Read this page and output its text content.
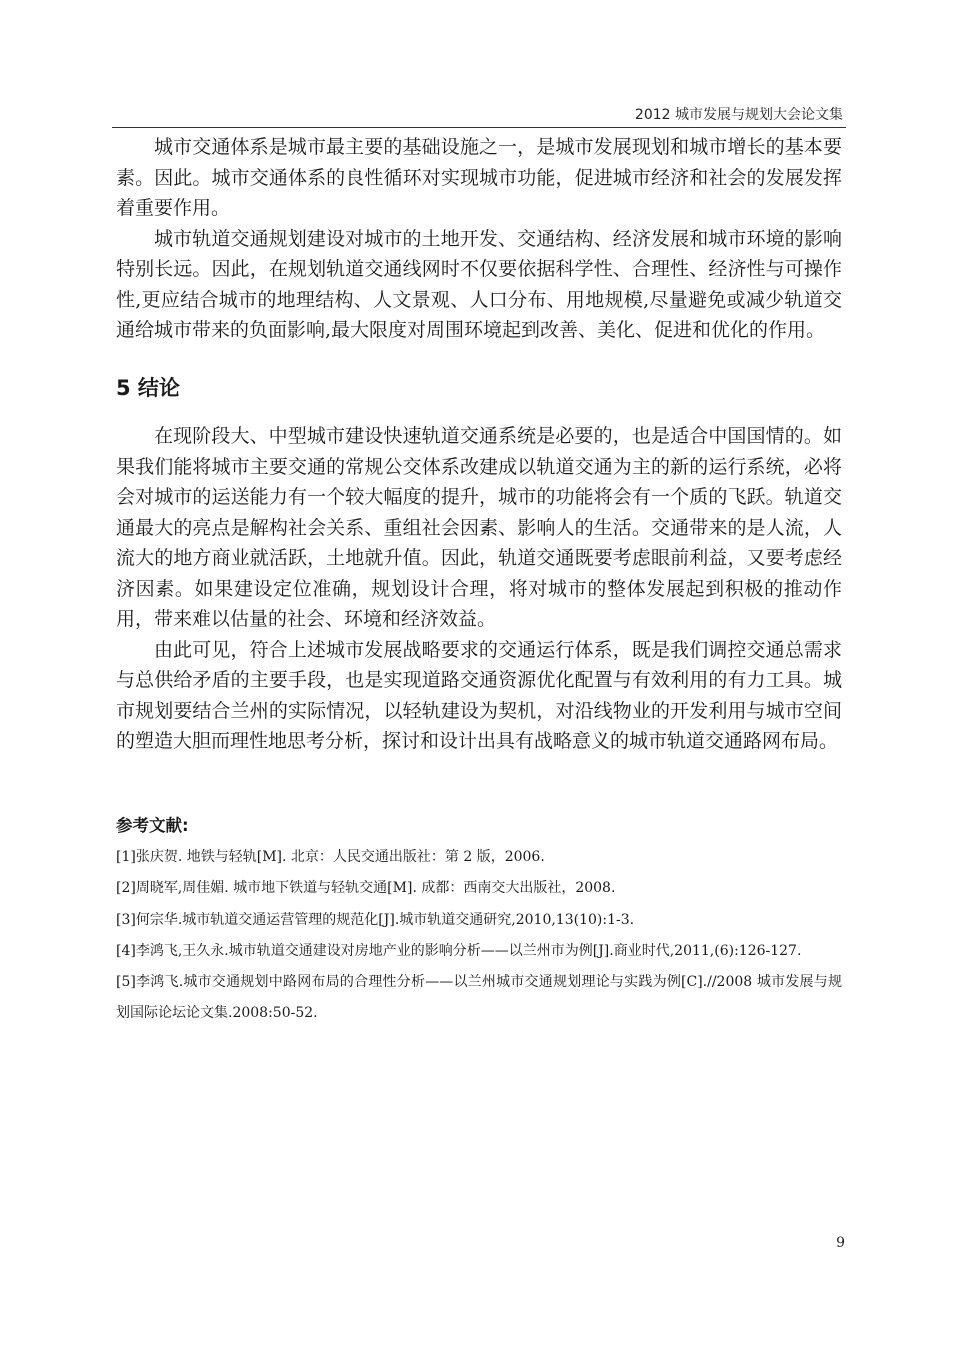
2012 城市发展与规划大会论文集

城市交通体系是城市最主要的基础设施之一，是城市发展现划和城市增长的基本要素。因此。城市交通体系的良性循环对实现城市功能，促进城市经济和社会的发展发挥着重要作用。

城市轨道交通规划建设对城市的土地开发、交通结构、经济发展和城市环境的影响特别长远。因此，在规划轨道交通线网时不仅要依据科学性、合理性、经济性与可操作性,更应结合城市的地理结构、人文景观、人口分布、用地规模,尽量避免或减少轨道交通给城市带来的负面影响,最大限度对周围环境起到改善、美化、促进和优化的作用。

5 结论

在现阶段大、中型城市建设快速轨道交通系统是必要的，也是适合中国国情的。如果我们能将城市主要交通的常规公交体系改建成以轨道交通为主的新的运行系统，必将会对城市的运送能力有一个较大幅度的提升，城市的功能将会有一个质的飞跃。轨道交通最大的亮点是解构社会关系、重组社会因素、影响人的生活。交通带来的是人流，人流大的地方商业就活跃，土地就升值。因此，轨道交通既要考虑眼前利益，又要考虑经济因素。如果建设定位准确，规划设计合理，将对城市的整体发展起到积极的推动作用，带来难以估量的社会、环境和经济效益。

由此可见，符合上述城市发展战略要求的交通运行体系，既是我们调控交通总需求与总供给矛盾的主要手段，也是实现道路交通资源优化配置与有效利用的有力工具。城市规划要结合兰州的实际情况，以轻轨建设为契机，对沿线物业的开发利用与城市空间的塑造大胆而理性地思考分析，探讨和设计出具有战略意义的城市轨道交通路网布局。

参考文献:

[1]张庆贺. 地铁与轻轨[M]. 北京：人民交通出版社：第 2 版，2006.

[2]周晓军,周佳媚. 城市地下铁道与轻轨交通[M]. 成都：西南交大出版社，2008.

[3]何宗华.城市轨道交通运营管理的规范化[J].城市轨道交通研究,2010,13(10):1-3.

[4]李鸿飞,王久永.城市轨道交通建设对房地产业的影响分析——以兰州市为例[J].商业时代,2011,(6):126-127.

[5]李鸿飞.城市交通规划中路网布局的合理性分析——以兰州城市交通规划理论与实践为例[C].//2008 城市发展与规划国际论坛论文集.2008:50-52.

9
